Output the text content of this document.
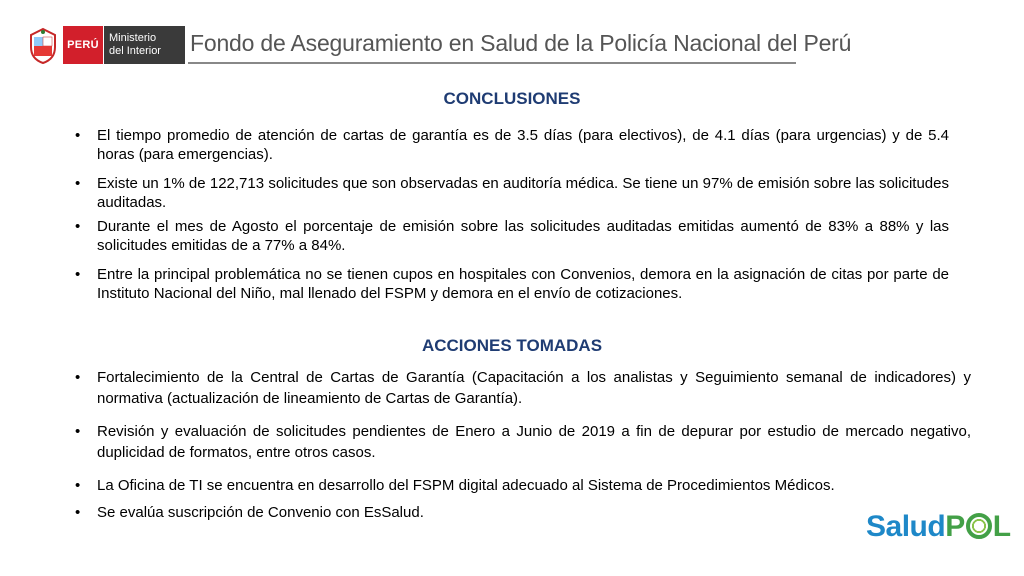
PERÚ
Ministerio
del Interior	Fondo de Aseguramiento en Salud de la Policía Nacional del Perú
CONCLUSIONES
• El tiempo promedio de atención de cartas de garantía es de 3.5 días (para electivos), de 4.1 días (para urgencias) y de 5.4 horas (para emergencias).
• Existe un 1% de 122,713 solicitudes que son observadas en auditoría médica. Se tiene un 97% de emisión sobre las solicitudes auditadas.
• Durante el mes de Agosto el porcentaje de emisión sobre las solicitudes auditadas emitidas aumentó de 83% a 88% y las solicitudes emitidas de a 77% a 84%.
• Entre la principal problemática no se tienen cupos en hospitales con Convenios, demora en la asignación de citas por parte de Instituto Nacional del Niño, mal llenado del FSPM y demora en el envío de cotizaciones.
ACCIONES TOMADAS
• Fortalecimiento de la Central de Cartas de Garantía (Capacitación a los analistas y Seguimiento semanal de indicadores) y normativa (actualización de lineamiento de Cartas de Garantía).
• Revisión y evaluación de solicitudes pendientes de Enero a Junio de 2019 a fin de depurar por estudio de mercado negativo, duplicidad de formatos, entre otros casos.
• La Oficina de TI se encuentra en desarrollo del FSPM digital adecuado al Sistema de Procedimientos Médicos.
• Se evalúa suscripción de Convenio con EsSalud.	SaludP L
